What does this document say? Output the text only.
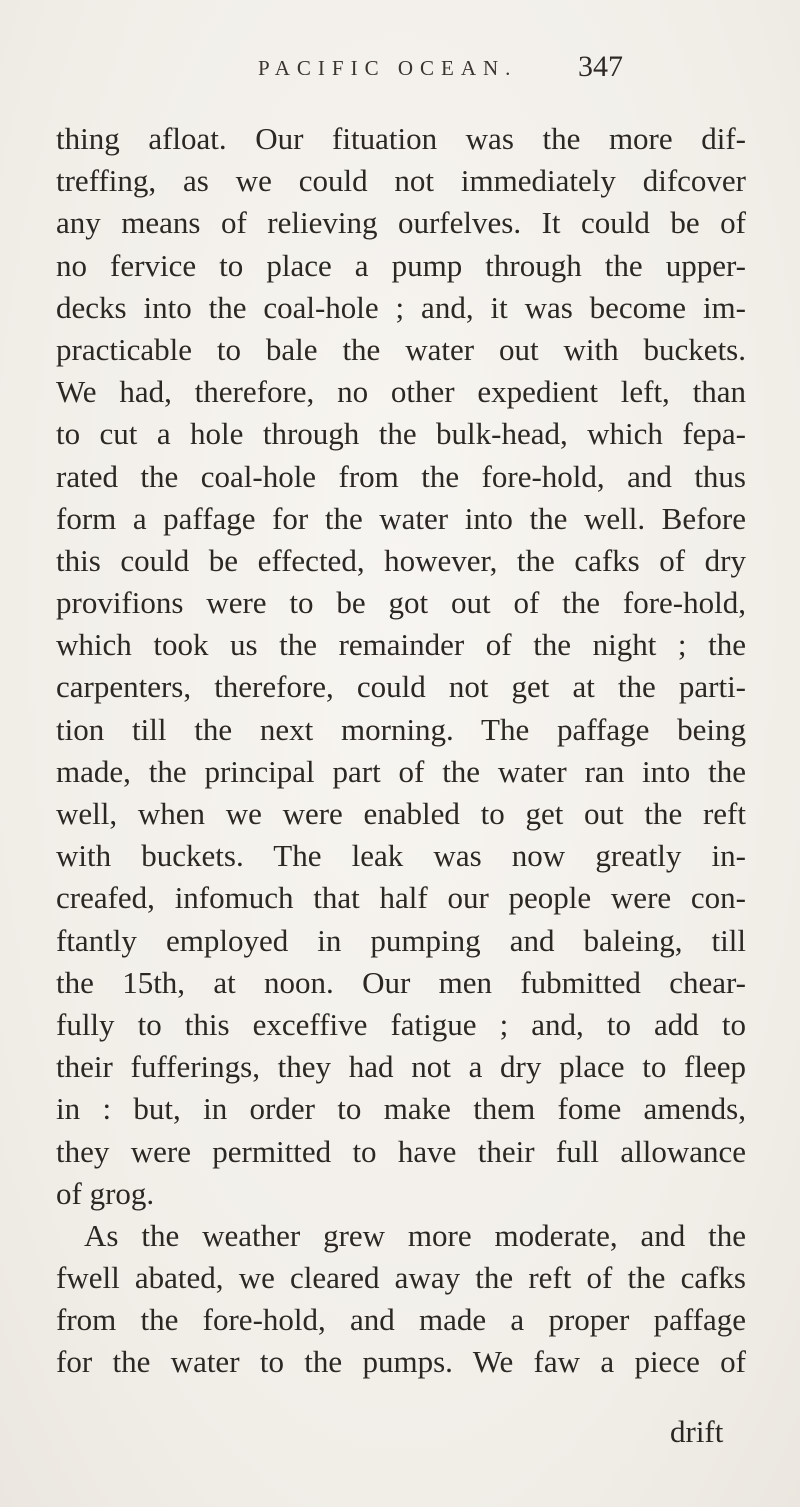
PACIFIC OCEAN. 347
thing afloat. Our fituation was the more dif-
treffing, as we could not immediately difcover
any means of relieving ourfelves. It could be of
no fervice to place a pump through the upper-
decks into the coal-hole ; and, it was become im-
practicable to bale the water out with buckets.
We had, therefore, no other expedient left, than
to cut a hole through the bulk-head, which fepa-
rated the coal-hole from the fore-hold, and thus
form a paffage for the water into the well. Before
this could be effected, however, the cafks of dry
provifions were to be got out of the fore-hold,
which took us the remainder of the night ; the
carpenters, therefore, could not get at the parti-
tion till the next morning. The paffage being
made, the principal part of the water ran into the
well, when we were enabled to get out the reft
with buckets. The leak was now greatly in-
creafed, infomuch that half our people were con-
ftantly employed in pumping and baleing, till
the 15th, at noon. Our men fubmitted chear-
fully to this exceffive fatigue ; and, to add to
their fufferings, they had not a dry place to fleep
in : but, in order to make them fome amends,
they were permitted to have their full allowance
of grog.
As the weather grew more moderate, and the
fwell abated, we cleared away the reft of the cafks
from the fore-hold, and made a proper paffage
for the water to the pumps. We faw a piece of
drift
